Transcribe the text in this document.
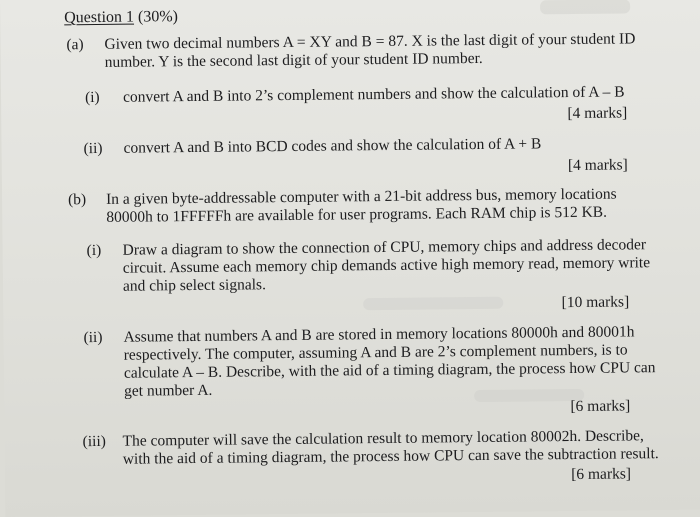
Question 1 (30%)
(a) Given two decimal numbers A = XY and B = 87. X is the last digit of your student ID
number. Y is the second last digit of your student ID number.
(i) convert A and B into 2’s complement numbers and show the calculation of A – B
[4 marks]
(ii) convert A and B into BCD codes and show the calculation of A + B
[4 marks]
(b) In a given byte-addressable computer with a 21-bit address bus, memory locations
80000h to 1FFFFFh are available for user programs. Each RAM chip is 512 KB.
(i) Draw a diagram to show the connection of CPU, memory chips and address decoder
circuit. Assume each memory chip demands active high memory read, memory write
and chip select signals.
[10 marks]
(ii) Assume that numbers A and B are stored in memory locations 80000h and 80001h
respectively. The computer, assuming A and B are 2’s complement numbers, is to
calculate A – B. Describe, with the aid of a timing diagram, the process how CPU can
get number A.
[6 marks]
(iii) The computer will save the calculation result to memory location 80002h. Describe,
with the aid of a timing diagram, the process how CPU can save the subtraction result.
[6 marks]
